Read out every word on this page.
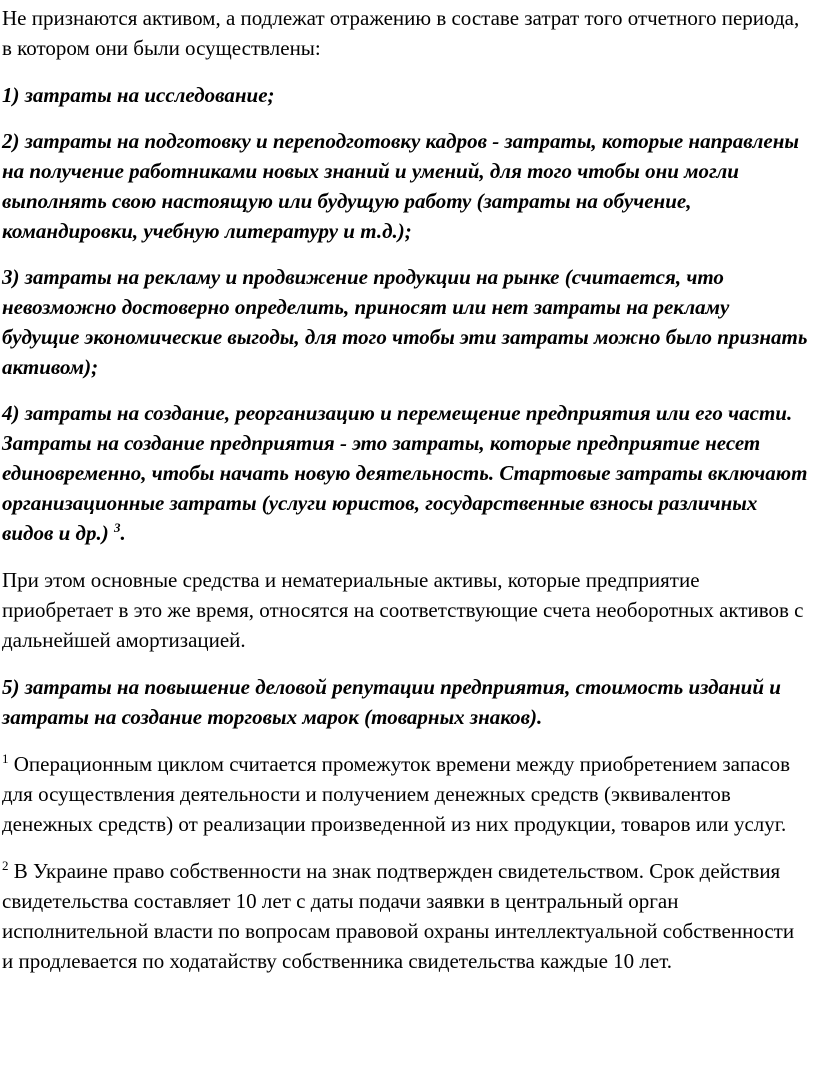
Не признаются активом, а подлежат отражению в составе затрат того отчетного периода, в котором они были осуществлены:

1) затраты на исследование;

2) затраты на подготовку и переподготовку кадров - затраты, которые направлены на получение работниками новых знаний и умений, для того чтобы они могли выполнять свою настоящую или будущую работу (затраты на обучение, командировки, учебную литературу и т.д.);

3) затраты на рекламу и продвижение продукции на рынке (считается, что невозможно достоверно определить, приносят или нет затраты на рекламу будущие экономические выгоды, для того чтобы эти затраты можно было признать активом);

4) затраты на создание, реорганизацию и перемещение предприятия или его части. Затраты на создание предприятия - это затраты, которые предприятие несет единовременно, чтобы начать новую деятельность. Стартовые затраты включают организационные затраты (услуги юристов, государственные взносы различных видов и др.) $^3$.

При этом основные средства и нематериальные активы, которые предприятие приобретает в это же время, относятся на соответствующие счета необоротных активов с дальнейшей амортизацией.

5) затраты на повышение деловой репутации предприятия, стоимость изданий и затраты на создание торговых марок (товарных знаков).

$^1$ Операционным циклом считается промежуток времени между приобретением запасов для осуществления деятельности и получением денежных средств (эквивалентов денежных средств) от реализации произведенной из них продукции, товаров или услуг.

$^2$ В Украине право собственности на знак подтвержден свидетельством. Срок действия свидетельства составляет 10 лет с даты подачи заявки в центральный орган исполнительной власти по вопросам правовой охраны интеллектуальной собственности и продлевается по ходатайству собственника свидетельства каждые 10 лет.
